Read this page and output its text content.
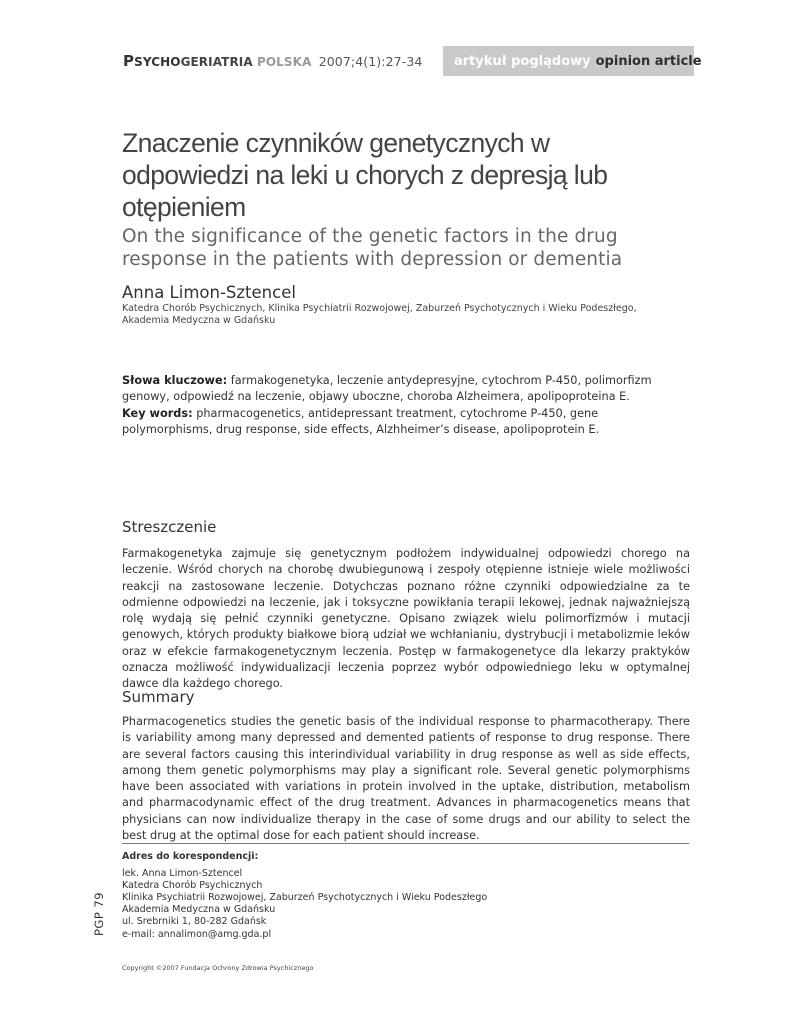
PSYCHOGERIATRIA POLSKA 2007;4(1):27-34 artykuł poglądowy opinion article
Znaczenie czynników genetycznych w odpowiedzi na leki u chorych z depresją lub otępieniem
On the significance of the genetic factors in the drug response in the patients with depression or dementia
Anna Limon-Sztencel
Katedra Chorób Psychicznych, Klinika Psychiatrii Rozwojowej, Zaburzeń Psychotycznych i Wieku Podeszłego, Akademia Medyczna w Gdańsku

Słowa kluczowe: farmakogenetyka, leczenie antydepresyjne, cytochrom P-450, polimorfizm genowy, odpowiedź na leczenie, objawy uboczne, choroba Alzheimera, apolipoproteina E.

Key words: pharmacogenetics, antidepressant treatment, cytochrome P-450, gene polymorphisms, drug response, side effects, Alzhheimer’s disease, apolipoprotein E.

Streszczenie
Farmakogenetyka zajmuje się genetycznym podłożem indywidualnej odpowiedzi chorego na leczenie. Wśród chorych na chorobę dwubiegunową i zespoły otępienne istnieje wiele możliwości reakcji na zastosowane leczenie. Dotychczas poznano różne czynniki odpowiedzialne za te odmienne odpowiedzi na leczenie, jak i toksyczne powikłania terapii lekowej, jednak najważniejszą rolę wydają się pełnić czynniki genetyczne. Opisano związek wielu polimorfizmów i mutacji genowych, których produkty białkowe biorą udział we wchłanianiu, dystrybucji i metabolizmie leków oraz w efekcie farmakogenetycznym leczenia. Postęp w farmakogenetyce dla lekarzy praktyków oznacza możliwość indywidualizacji leczenia poprzez wybór odpowiedniego leku w optymalnej dawce dla każdego chorego.
Summary
Pharmacogenetics studies the genetic basis of the individual response to pharmacotherapy. There is variability among many depressed and demented patients of response to drug response. There are several factors causing this interindividual variability in drug response as well as side effects, among them genetic polymorphisms may play a significant role. Several genetic polymorphisms have been associated with variations in protein involved in the uptake, distribution, metabolism and pharmacodynamic effect of the drug treatment. Advances in pharmacogenetics means that physicians can now individualize therapy in the case of some drugs and our ability to select the best drug at the optimal dose for each patient should increase.
Adres do korespondencji:
lek. Anna Limon-Sztencel
Katedra Chorób Psychicznych
Klinika Psychiatrii Rozwojowej, Zaburzeń Psychotycznych i Wieku Podeszłego
Akademia Medyczna w Gdańsku
ul. Srebrniki 1, 80-282 Gdańsk
e-mail: annalimon@amg.gda.pl
PGP 79
Copyright ©2007 Fundacja Ochrony Zdrowia Psychicznego
